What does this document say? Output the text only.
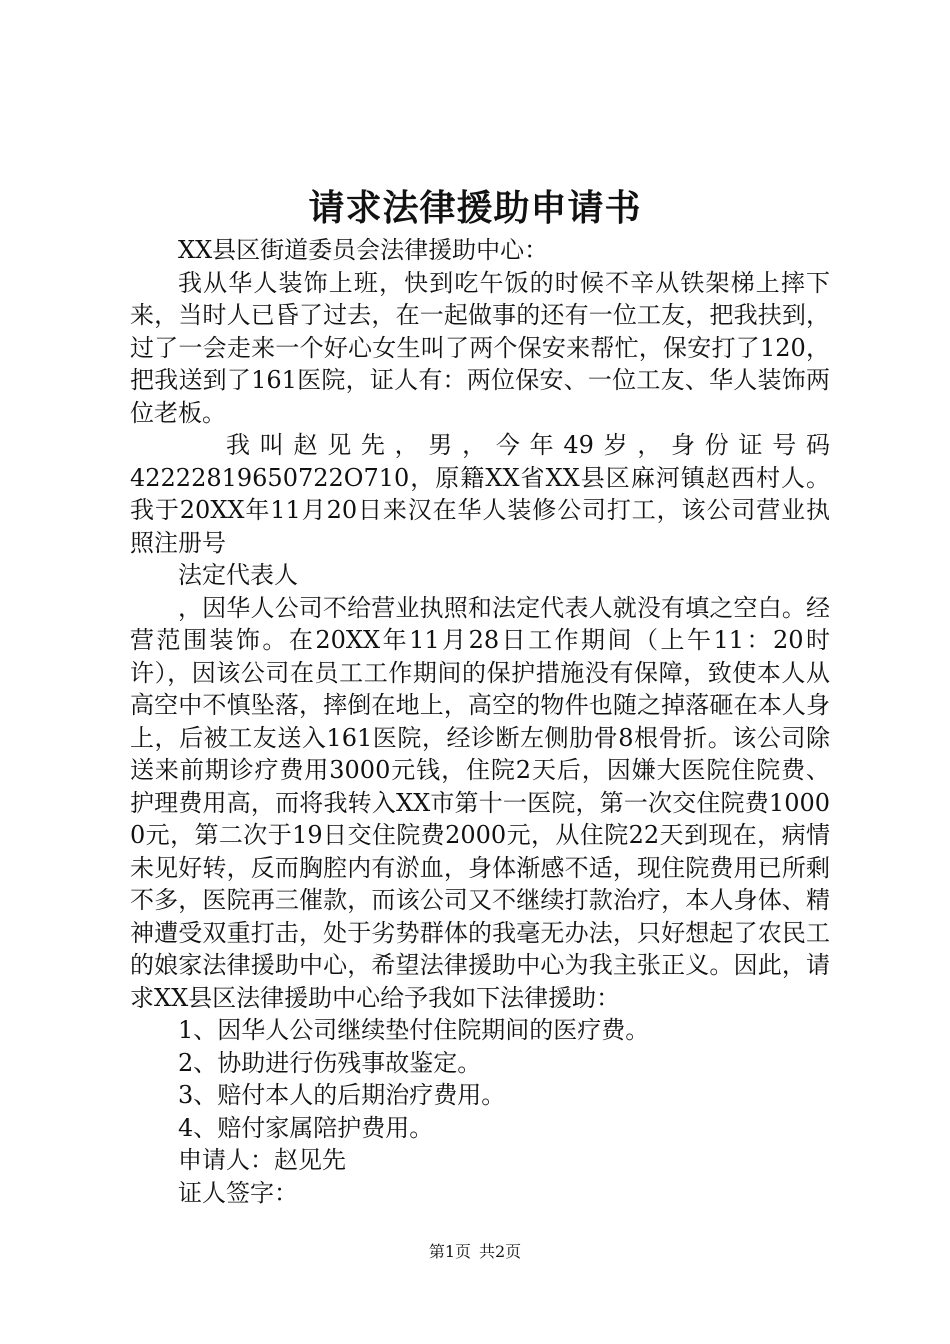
请求法律援助申请书

XX县区街道委员会法律援助中心：

我从华人装饰上班，快到吃午饭的时候不辛从铁架梯上摔下来，当时人已昏了过去，在一起做事的还有一位工友，把我扶到，过了一会走来一个好心女生叫了两个保安来帮忙，保安打了120，把我送到了161医院，证人有：两位保安、一位工友、华人装饰两位老板。

我叫赵见先，男，今年49岁，身份证号码

42222819650722O710，原籍XX省XX县区麻河镇赵西村人。我于20XX年11月20日来汉在华人装修公司打工，该公司营业执照注册号

法定代表人

，因华人公司不给营业执照和法定代表人就没有填之空白。经营范围装饰。在20XX年11月28日工作期间（上午11：20时许），因该公司在员工工作期间的保护措施没有保障，致使本人从高空中不慎坠落，摔倒在地上，高空的物件也随之掉落砸在本人身上，后被工友送入161医院，经诊断左侧肋骨8根骨折。该公司除送来前期诊疗费用3000元钱，住院2天后，因嫌大医院住院费、护理费用高，而将我转入XX市第十一医院，第一次交住院费10000元，第二次于19日交住院费2000元，从住院22天到现在，病情未见好转，反而胸腔内有淤血，身体渐感不适，现住院费用已所剩不多，医院再三催款，而该公司又不继续打款治疗，本人身体、精神遭受双重打击，处于劣势群体的我毫无办法，只好想起了农民工的娘家法律援助中心，希望法律援助中心为我主张正义。因此，请求XX县区法律援助中心给予我如下法律援助：

1、因华人公司继续垫付住院期间的医疗费。

2、协助进行伤残事故鉴定。

3、赔付本人的后期治疗费用。

4、赔付家属陪护费用。

申请人：赵见先

证人签字：

第1页 共2页
